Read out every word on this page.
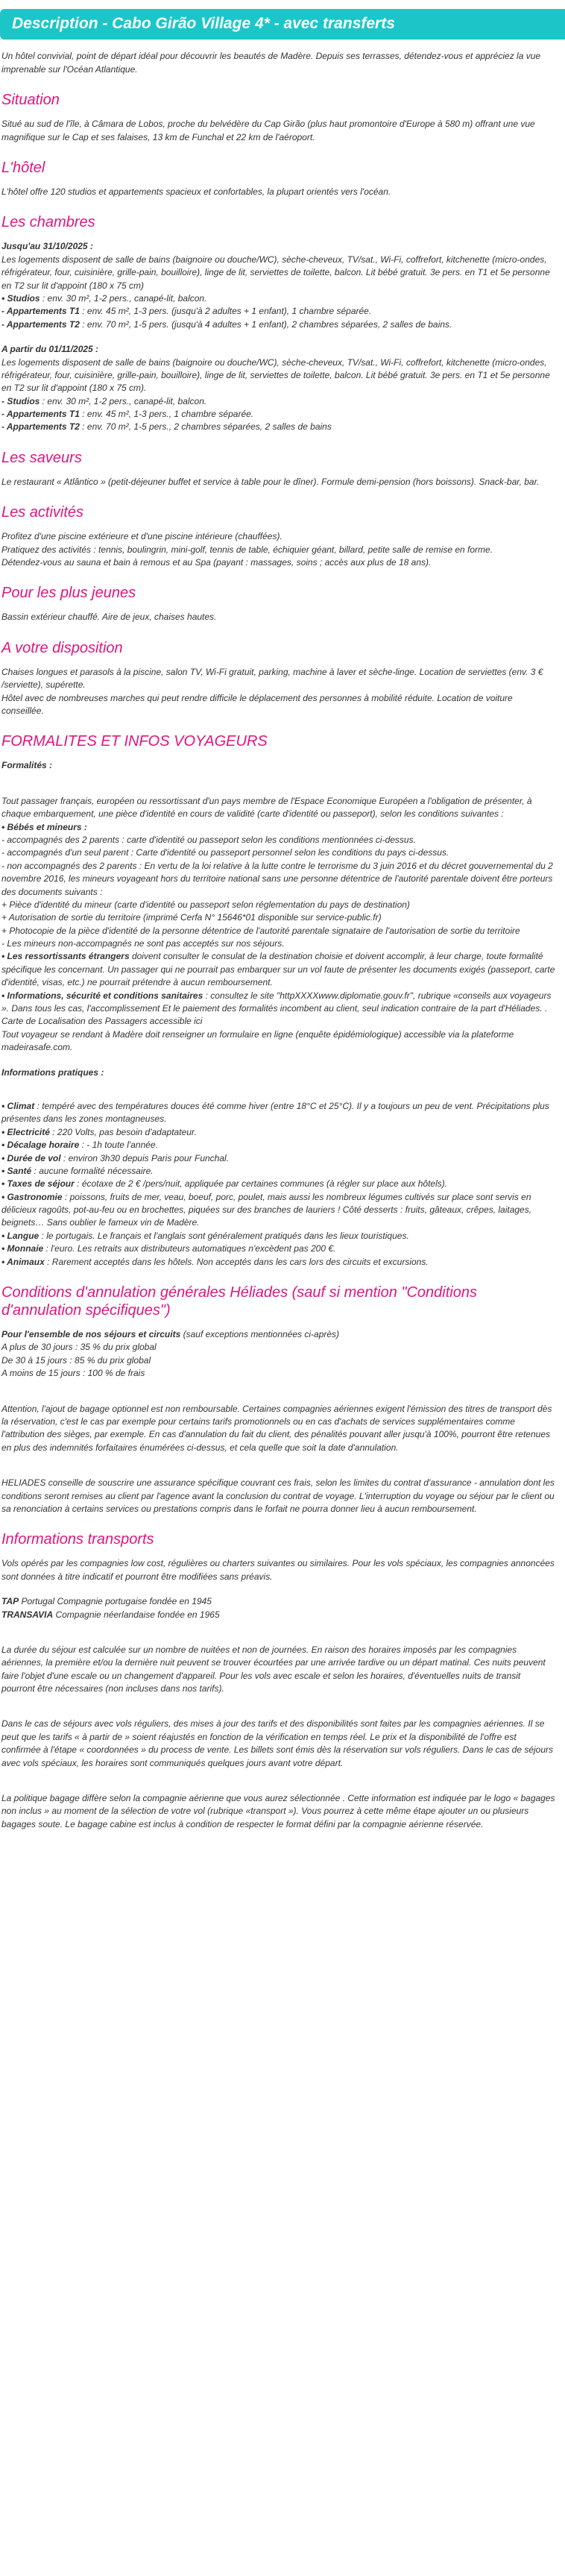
Description - Cabo Girão Village 4* - avec transferts

Un hôtel convivial, point de départ idéal pour découvrir les beautés de Madère. Depuis ses terrasses, détendez-vous et appréciez la vue imprenable sur l'Océan Atlantique.

Situation

Situé au sud de l'île, à Câmara de Lobos, proche du belvédère du Cap Girão (plus haut promontoire d'Europe à 580 m) offrant une vue magnifique sur le Cap et ses falaises, 13 km de Funchal et 22 km de l'aéroport.

L'hôtel

L'hôtel offre 120 studios et appartements spacieux et confortables, la plupart orientés vers l'océan.

Les chambres
Jusqu'au 31/10/2025 :
Les logements disposent de salle de bains (baignoire ou douche/WC), sèche-cheveux, TV/sat., Wi-Fi, coffrefort, kitchenette (micro-ondes, réfrigérateur, four, cuisinière, grille-pain, bouilloire), linge de lit, serviettes de toilette, balcon. Lit bébé gratuit. 3e pers. en T1 et 5e personne en T2 sur lit d'appoint (180 x 75 cm)
• Studios : env. 30 m², 1-2 pers., canapé-lit, balcon.
- Appartements T1 : env. 45 m², 1-3 pers. (jusqu'à 2 adultes + 1 enfant), 1 chambre séparée.
- Appartements T2 : env. 70 m², 1-5 pers. (jusqu'à 4 adultes + 1 enfant), 2 chambres séparées, 2 salles de bains.
A partir du 01/11/2025 :
Les logements disposent de salle de bains (baignoire ou douche/WC), sèche-cheveux, TV/sat., Wi-Fi, coffrefort, kitchenette (micro-ondes, réfrigérateur, four, cuisinière, grille-pain, bouilloire), linge de lit, serviettes de toilette, balcon. Lit bébé gratuit. 3e pers. en T1 et 5e personne en T2 sur lit d'appoint (180 x 75 cm).
- Studios : env. 30 m², 1-2 pers., canapé-lit, balcon.
- Appartements T1 : env. 45 m², 1-3 pers., 1 chambre séparée.
- Appartements T2 : env. 70 m², 1-5 pers., 2 chambres séparées, 2 salles de bains
Les saveurs

Le restaurant « Atlântico » (petit-déjeuner buffet et service à table pour le dîner). Formule demi-pension (hors boissons). Snack-bar, bar.

Les activités
Profitez d'une piscine extérieure et d'une piscine intérieure (chauffées).
Pratiquez des activités : tennis, boulingrin, mini-golf, tennis de table, échiquier géant, billard, petite salle de remise en forme.
Détendez-vous au sauna et bain à remous et au Spa (payant : massages, soins ; accès aux plus de 18 ans).
Pour les plus jeunes

Bassin extérieur chauffé. Aire de jeux, chaises hautes.

A votre disposition
Chaises longues et parasols à la piscine, salon TV, Wi-Fi gratuit, parking, machine à laver et sèche-linge. Location de serviettes (env. 3 € /serviette), supérette.
Hôtel avec de nombreuses marches qui peut rendre difficile le déplacement des personnes à mobilité réduite. Location de voiture conseillée.
FORMALITES ET INFOS VOYAGEURS
Formalités :
Tout passager français, européen ou ressortissant d'un pays membre de l'Espace Economique Européen a l'obligation de présenter, à chaque embarquement, une pièce d'identité en cours de validité (carte d'identité ou passeport), selon les conditions suivantes :
• Bébés et mineurs :
- accompagnés des 2 parents : carte d'identité ou passeport selon les conditions mentionnées ci-dessus.
- accompagnés d'un seul parent : Carte d'identité ou passeport personnel selon les conditions du pays ci-dessus.
- non accompagnés des 2 parents : En vertu de la loi relative à la lutte contre le terrorisme du 3 juin 2016 et du décret gouvernemental du 2 novembre 2016, les mineurs voyageant hors du territoire national sans une personne détentrice de l'autorité parentale doivent être porteurs des documents suivants :
+ Pièce d'identité du mineur (carte d'identité ou passeport selon réglementation du pays de destination)
+ Autorisation de sortie du territoire (imprimé Cerfa N° 15646*01 disponible sur service-public.fr)
+ Photocopie de la pièce d'identité de la personne détentrice de l'autorité parentale signataire de l'autorisation de sortie du territoire
- Les mineurs non-accompagnés ne sont pas acceptés sur nos séjours.
• Les ressortissants étrangers doivent consulter le consulat de la destination choisie et doivent accomplir, à leur charge, toute formalité spécifique les concernant. Un passager qui ne pourrait pas embarquer sur un vol faute de présenter les documents exigés (passeport, carte d'identité, visas, etc.) ne pourrait prétendre à aucun remboursement.
• Informations, sécurité et conditions sanitaires : consultez le site "httpXXXXwww.diplomatie.gouv.fr", rubrique «conseils aux voyageurs ». Dans tous les cas, l'accomplissement Et le paiement des formalités incombent au client, seul indication contraire de la part d'Héliades. .
Carte de Localisation des Passagers accessible ici
Tout voyageur se rendant à Madère doit renseigner un formulaire en ligne (enquête épidémiologique) accessible via la plateforme madeirasafe.com.
Informations pratiques :
• Climat : tempéré avec des températures douces été comme hiver (entre 18°C et 25°C). Il y a toujours un peu de vent. Précipitations plus présentes dans les zones montagneuses.
• Electricité : 220 Volts, pas besoin d'adaptateur.
• Décalage horaire : - 1h toute l'année.
• Durée de vol : environ 3h30 depuis Paris pour Funchal.
• Santé : aucune formalité nécessaire.
• Taxes de séjour : écotaxe de 2 € /pers/nuit, appliquée par certaines communes (à régler sur place aux hôtels).
• Gastronomie : poissons, fruits de mer, veau, boeuf, porc, poulet, mais aussi les nombreux légumes cultivés sur place sont servis en délicieux ragoûts, pot-au-feu ou en brochettes, piquées sur des branches de lauriers ! Côté desserts : fruits, gâteaux, crêpes, laitages, beignets… Sans oublier le fameux vin de Madère.
• Langue : le portugais. Le français et l'anglais sont généralement pratiqués dans les lieux touristiques.
• Monnaie : l'euro. Les retraits aux distributeurs automatiques n'excèdent pas 200 €.
• Animaux : Rarement acceptés dans les hôtels. Non acceptés dans les cars lors des circuits et excursions.
Conditions d'annulation générales Héliades (sauf si mention "Conditions d'annulation spécifiques")
Pour l'ensemble de nos séjours et circuits (sauf exceptions mentionnées ci-après)
A plus de 30 jours : 35 % du prix global
De 30 à 15 jours : 85 % du prix global
A moins de 15 jours : 100 % de frais

Attention, l'ajout de bagage optionnel est non remboursable. Certaines compagnies aériennes exigent l'émission des titres de transport dès la réservation, c'est le cas par exemple pour certains tarifs promotionnels ou en cas d'achats de services supplémentaires comme l'attribution des sièges, par exemple. En cas d'annulation du fait du client, des pénalités pouvant aller jusqu'à 100%, pourront être retenues en plus des indemnités forfaitaires énumérées ci-dessus, et cela quelle que soit la date d'annulation.

HELIADES conseille de souscrire une assurance spécifique couvrant ces frais, selon les limites du contrat d'assurance - annulation dont les conditions seront remises au client par l'agence avant la conclusion du contrat de voyage. L'interruption du voyage ou séjour par le client ou sa renonciation à certains services ou prestations compris dans le forfait ne pourra donner lieu à aucun remboursement.

Informations transports

Vols opérés par les compagnies low cost, régulières ou charters suivantes ou similaires. Pour les vols spéciaux, les compagnies annoncées sont données à titre indicatif et pourront être modifiées sans préavis.

TAP Portugal Compagnie portugaise fondée en 1945
TRANSAVIA Compagnie néerlandaise fondée en 1965

La durée du séjour est calculée sur un nombre de nuitées et non de journées. En raison des horaires imposés par les compagnies aériennes, la première et/ou la dernière nuit peuvent se trouver écourtées par une arrivée tardive ou un départ matinal. Ces nuits peuvent faire l'objet d'une escale ou un changement d'appareil. Pour les vols avec escale et selon les horaires, d'éventuelles nuits de transit pourront être nécessaires (non incluses dans nos tarifs).

Dans le cas de séjours avec vols réguliers, des mises à jour des tarifs et des disponibilités sont faites par les compagnies aériennes. Il se peut que les tarifs « à partir de » soient réajustés en fonction de la vérification en temps réel. Le prix et la disponibilité de l'offre est confirmée à l'étape « coordonnées » du process de vente. Les billets sont émis dès la réservation sur vols réguliers. Dans le cas de séjours avec vols spéciaux, les horaires sont communiqués quelques jours avant votre départ.

La politique bagage diffère selon la compagnie aérienne que vous aurez sélectionnée . Cette information est indiquée par le logo « bagages non inclus » au moment de la sélection de votre vol (rubrique «transport »). Vous pourrez à cette même étape ajouter un ou plusieurs bagages soute. Le bagage cabine est inclus à condition de respecter le format défini par la compagnie aérienne réservée.
